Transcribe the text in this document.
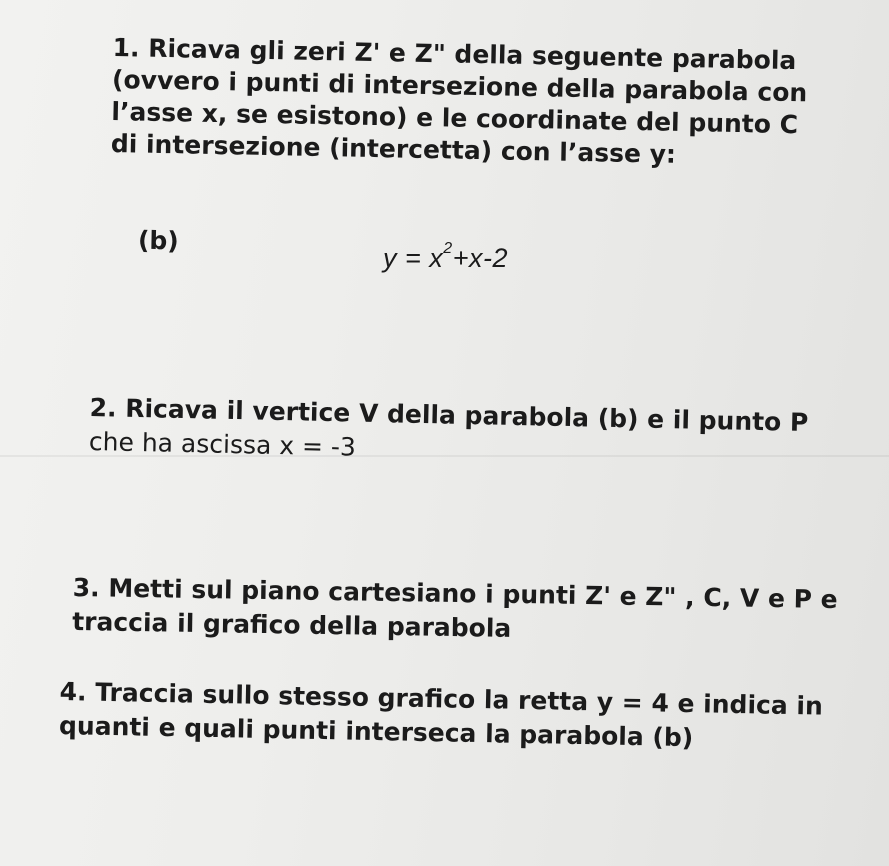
1. Ricava gli zeri Z' e Z" della seguente parabola
(ovvero i punti di intersezione della parabola con
l’asse x, se esistono) e le coordinate del punto C
di intersezione (intercetta) con l’asse y:
(b)
$y = x^2+x-2$
2. Ricava il vertice V della parabola (b) e il punto P
che ha ascissa x = -3
3. Metti sul piano cartesiano i punti Z' e Z" , C, V e P e
traccia il grafico della parabola
4. Traccia sullo stesso grafico la retta y = 4 e indica in
quanti e quali punti interseca la parabola (b)
